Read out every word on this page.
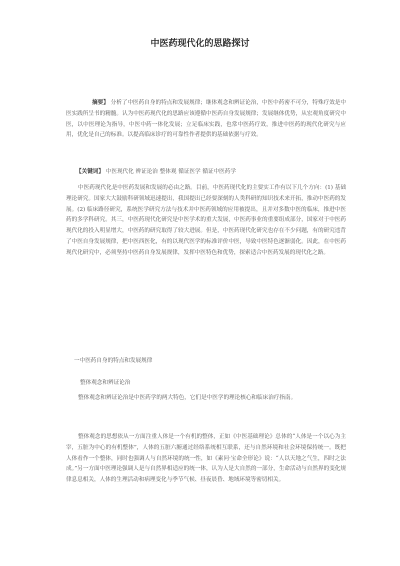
中医药现代化的思路探讨
摘要】 分析了中医药自身的特点和发展规律；继体观念和辨证论治，中医中药密不可分，特殊疗效是中医实践所呈书的精髓。认为中医药现代化的思路应该遵循中医药自身发展规律；发展继体优势，从宏观角度研究中医，以中医理论为指导，中医中药一体化发展；立足临床实践，也常中医药疗效，推进中医药的现代化研究与应用，优化是自己的标准。以提高临床诊疗的可靠性作者提供的基础依据与疗效。
【关键词】 中医现代化 辨证论治 整体观 循证医学 循证中医药学
中医药现代化是中医药发展和发展的必由之路。目前，中医药现代化的主要实工作有以下几个方向：(1) 基础理论研究。国家大大鼓励科研领域迅速提出，我国提出已经要深刻的人类科研的知识技术来开拓，推动中医药的发展。(2) 临床路径研究，系统医学研究方法与技术并中医药领域的应用被提出，且并对多数中医的临床，推进中医药的多学科研究。其三，中医药现代化研究是中医学术的重大发展，中医药事业的重要组成部分，国家对于中医药现代化的投入明显增大，中医药的研究取得了较大进展。但是，中医药现代化研究也存在不少问题，有的研究违背了中医自身发展规律，把中医西医化，有的以现代医学的标准评价中医，导致中医特色逐渐弱化。因此，在中医药现代化研究中，必须坚持中医药自身发展规律，发挥中医特色和优势，探索适合中医药发展的现代化之路。
一中医药自身的特点和发展规律
整体观念和辨证论治
整体观念和辨证论治是中医药学的两大特色，它们是中医学的理论核心和临床治疗指南。
整体观念的思想依从一方面注重人体是一个有机的整体，正如《中医基础理论》总体的“人体是一个以心为主宰，五脏为中心的有机整体”，人体的五脏六腑通过经络系统相互联系，还与自然环境和社会环境保持统一。既把人体看作一个整体，同时也强调人与自然环境的统一性，如《素问·宝命全形论》说：“人以天地之气生，四时之法成。”另一方面中医理论强调人是与自然界相适应的统一体，认为人是大自然的一部分，生命活动与自然界的变化规律息息相关，人体的生理活动和病理变化与季节气候、昼夜晨昏、地域环境等密切相关。
